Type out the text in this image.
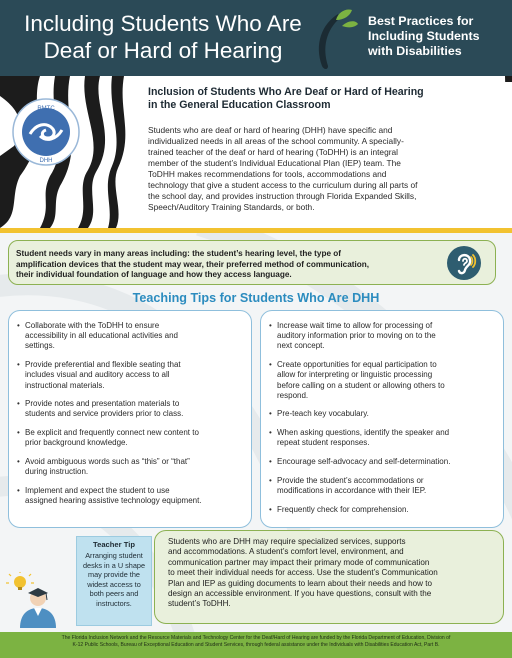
Including Students Who Are
Deaf or Hard of Hearing
Best Practices for
Including Students
with Disabilities
RMTC
DHH
Inclusion of Students Who Are Deaf or Hard of Hearing
in the General Education Classroom
Students who are deaf or hard of hearing (DHH) have specific and
individualized needs in all areas of the school community. A specially-
trained teacher of the deaf or hard of hearing (ToDHH) is an integral
member of the student’s Individual Educational Plan (IEP) team. The
ToDHH makes recommendations for tools, accommodations and
technology that give a student access to the curriculum during all parts of
the school day, and provides instruction through Florida Expanded Skills,
Speech/Auditory Training Standards, or both.
Student needs vary in many areas including: the student’s hearing level, the type of
amplification devices that the student may wear, their preferred method of communication,
their individual foundation of language and how they access language.
Teaching Tips for Students Who Are DHH
• Collaborate with the ToDHH to ensure
accessibility in all educational activities and
settings.
• Provide preferential and flexible seating that
includes visual and auditory access to all
instructional materials.
• Provide notes and presentation materials to
students and service providers prior to class.
• Be explicit and frequently connect new content to
prior background knowledge.
• Avoid ambiguous words such as “this” or “that”
during instruction.
• Implement and expect the student to use
assigned hearing assistive technology equipment.
• Increase wait time to allow for processing of
auditory information prior to moving on to the
next concept.
• Create opportunities for equal participation to
allow for interpreting or linguistic processing
before calling on a student or allowing others to
respond.
• Pre-teach key vocabulary.
• When asking questions, identify the speaker and
repeat student responses.
• Encourage self-advocacy and self-determination.
• Provide the student’s accommodations or
modifications in accordance with their IEP.
• Frequently check for comprehension.
Teacher Tip
Arranging student
desks in a U shape
may provide the
widest access to
both peers and
instructors.
Students who are DHH may require specialized services, supports
and accommodations. A student’s comfort level, environment, and
communication partner may impact their primary mode of communication
to meet their individual needs for access. Use the student’s Communication
Plan and IEP as guiding documents to learn about their needs and how to
design an accessible environment. If you have questions, consult with the
student’s ToDHH.
The Florida Inclusion Network and the Resource Materials and Technology Center for the Deaf/Hard of Hearing are funded by the Florida Department of Education, Division of
K-12 Public Schools, Bureau of Exceptional Education and Student Services, through federal assistance under the Individuals with Disabilities Education Act, Part B.
